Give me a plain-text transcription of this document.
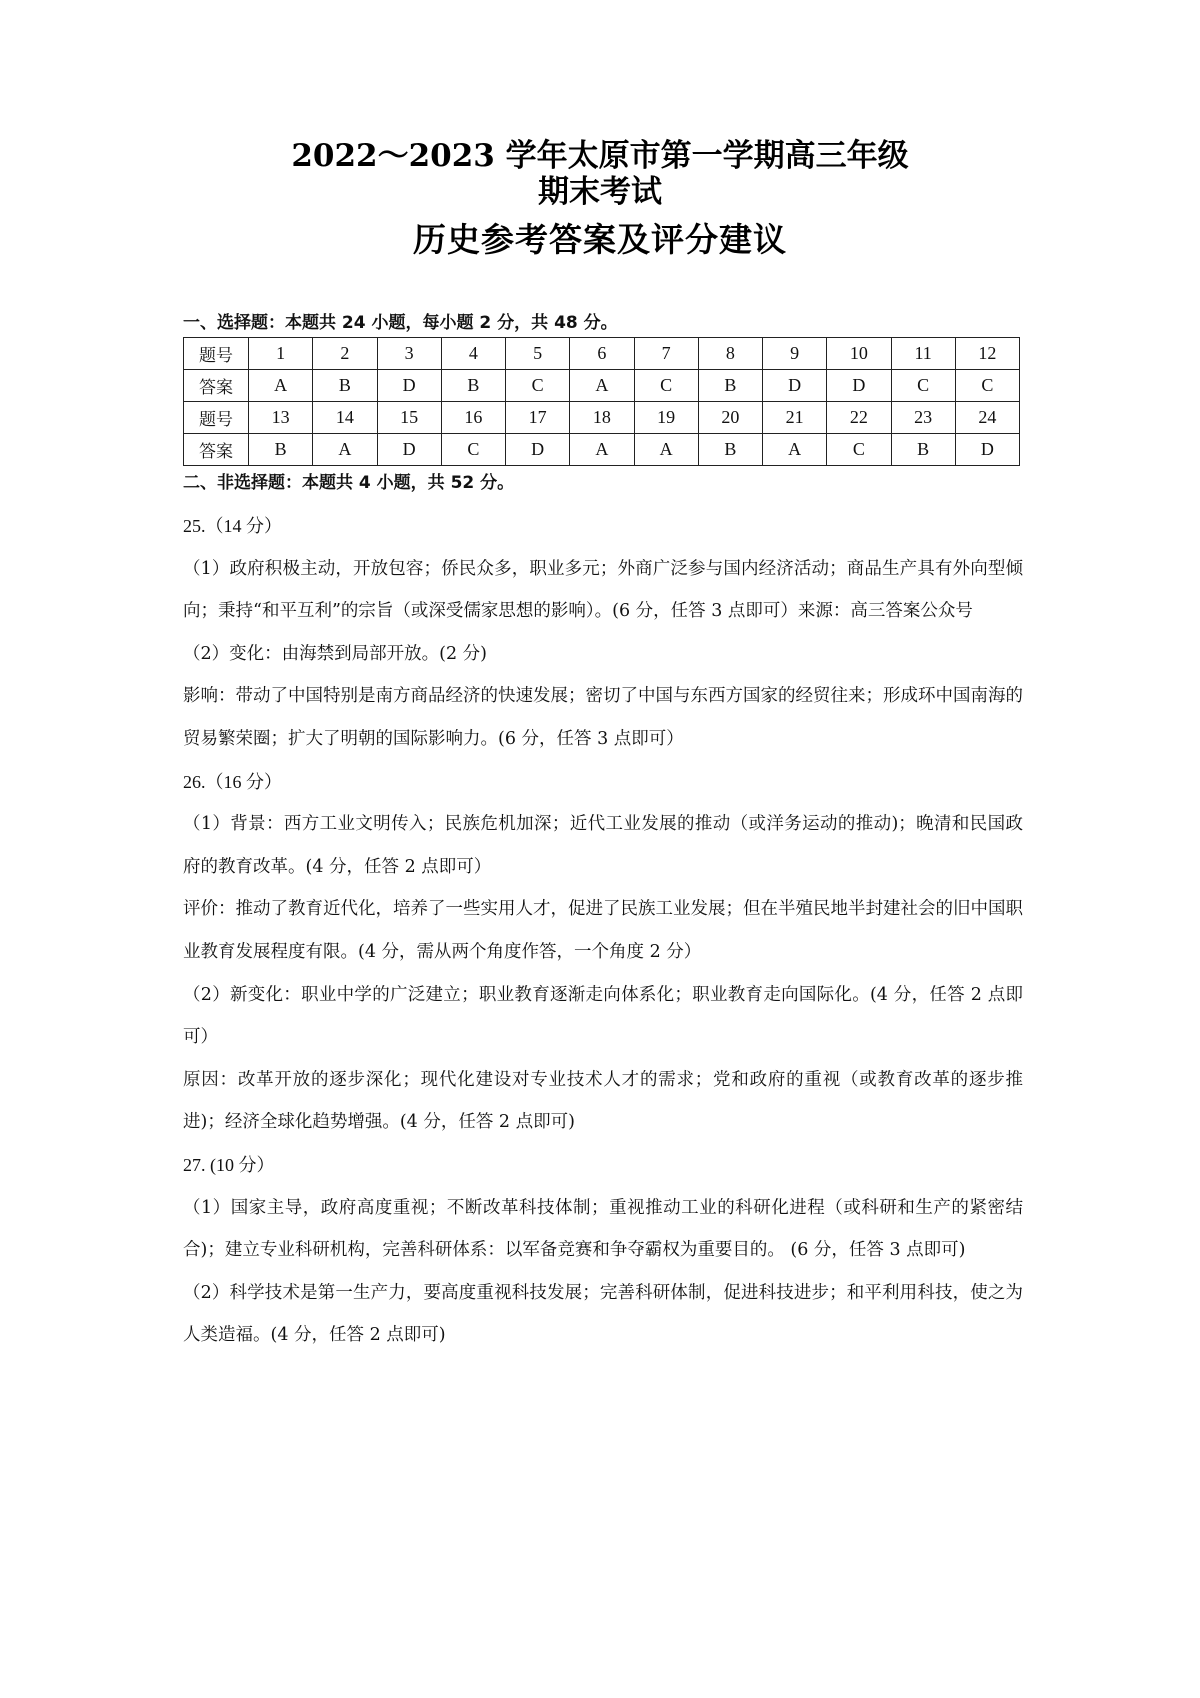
2022～2023 学年太原市第一学期高三年级
期末考试
历史参考答案及评分建议
一、选择题：本题共 24 小题，每小题 2 分，共 48 分。
题号	1	2	3	4	5	6	7	8	9	10	11	12
答案	A	B	D	B	C	A	C	B	D	D	C	C
题号	13	14	15	16	17	18	19	20	21	22	23	24
答案	B	A	D	C	D	A	A	B	A	C	B	D
二、非选择题：本题共 4 小题，共 52 分。

25.（14 分）

（1）政府积极主动，开放包容；侨民众多，职业多元；外商广泛参与国内经济活动；商品生产具有外向型倾向；秉持“和平互利”的宗旨（或深受儒家思想的影响）。(6 分，任答 3 点即可）来源：高三答案公众号

（2）变化：由海禁到局部开放。(2 分)

影响：带动了中国特别是南方商品经济的快速发展；密切了中国与东西方国家的经贸往来；形成环中国南海的贸易繁荣圈；扩大了明朝的国际影响力。(6 分，任答 3 点即可）

26.（16 分）

（1）背景：西方工业文明传入；民族危机加深；近代工业发展的推动（或洋务运动的推动)；晚清和民国政府的教育改革。(4 分，任答 2 点即可）

评价：推动了教育近代化，培养了一些实用人才，促进了民族工业发展；但在半殖民地半封建社会的旧中国职业教育发展程度有限。(4 分，需从两个角度作答，一个角度 2 分）

（2）新变化：职业中学的广泛建立；职业教育逐渐走向体系化；职业教育走向国际化。(4 分，任答 2 点即可）

原因：改革开放的逐步深化；现代化建设对专业技术人才的需求；党和政府的重视（或教育改革的逐步推进)；经济全球化趋势增强。(4 分，任答 2 点即可)

27. (10 分）

（1）国家主导，政府高度重视；不断改革科技体制；重视推动工业的科研化进程（或科研和生产的紧密结合)；建立专业科研机构，完善科研体系：以军备竞赛和争夺霸权为重要目的。 (6 分，任答 3 点即可)

（2）科学技术是第一生产力，要高度重视科技发展；完善科研体制，促进科技进步；和平利用科技，使之为人类造福。(4 分，任答 2 点即可)
